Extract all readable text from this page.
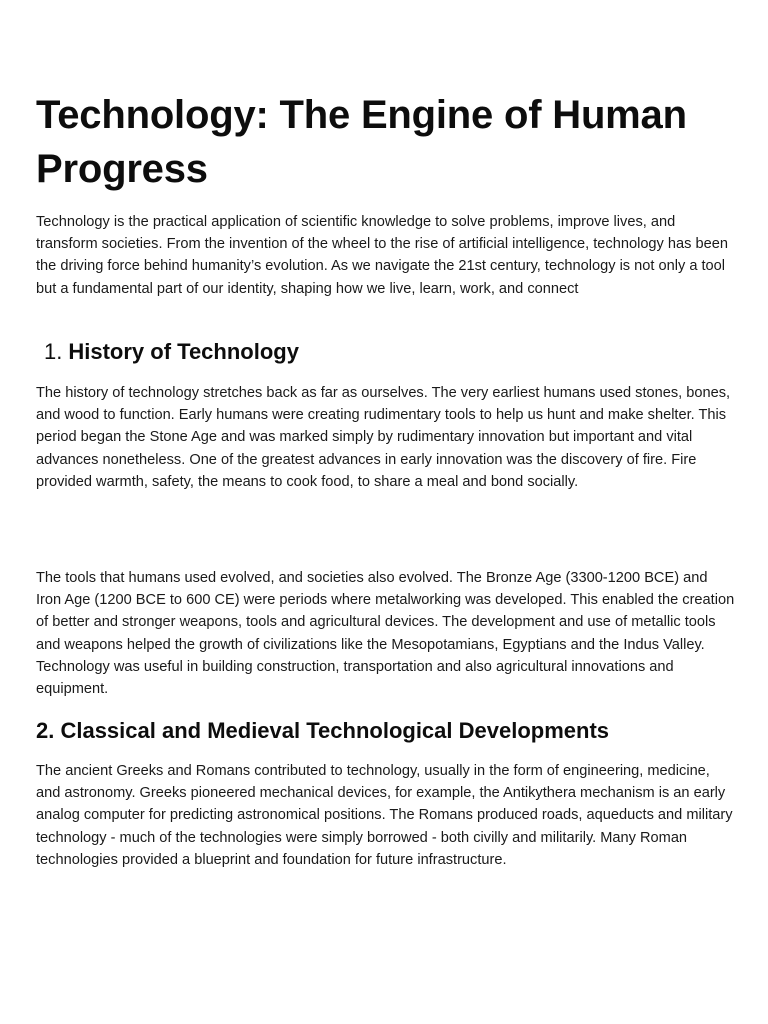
Technology: The Engine of Human Progress

Technology is the practical application of scientific knowledge to solve problems, improve lives, and transform societies. From the invention of the wheel to the rise of artificial intelligence, technology has been the driving force behind humanity’s evolution. As we navigate the 21st century, technology is not only a tool but a fundamental part of our identity, shaping how we live, learn, work, and connect

1. History of Technology

The history of technology stretches back as far as ourselves. The very earliest humans used stones, bones, and wood to function. Early humans were creating rudimentary tools to help us hunt and make shelter. This period began the Stone Age and was marked simply by rudimentary innovation but important and vital advances nonetheless. One of the greatest advances in early innovation was the discovery of fire. Fire provided warmth, safety, the means to cook food, to share a meal and bond socially.

The tools that humans used evolved, and societies also evolved. The Bronze Age (3300-1200 BCE) and Iron Age (1200 BCE to 600 CE) were periods where metalworking was developed. This enabled the creation of better and stronger weapons, tools and agricultural devices. The development and use of metallic tools and weapons helped the growth of civilizations like the Mesopotamians, Egyptians and the Indus Valley. Technology was useful in building construction, transportation and also agricultural innovations and equipment.

2. Classical and Medieval Technological Developments

The ancient Greeks and Romans contributed to technology, usually in the form of engineering, medicine, and astronomy. Greeks pioneered mechanical devices, for example, the Antikythera mechanism is an early analog computer for predicting astronomical positions. The Romans produced roads, aqueducts and military technology - much of the technologies were simply borrowed - both civilly and militarily. Many Roman technologies provided a blueprint and foundation for future infrastructure.
